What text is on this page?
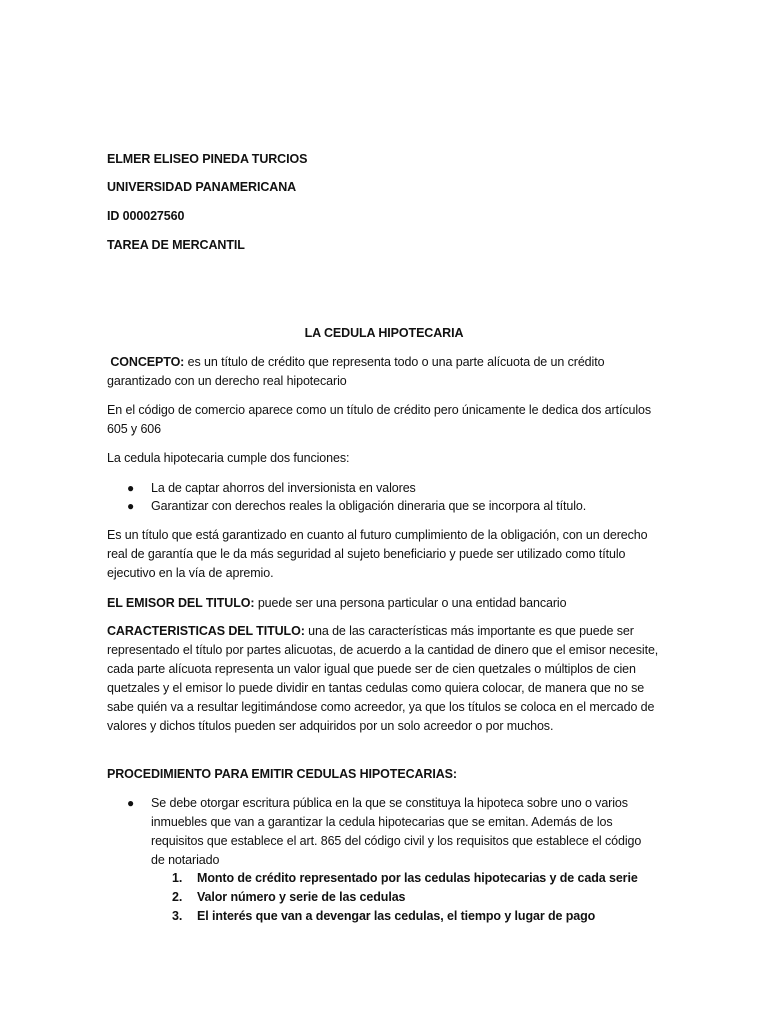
ELMER ELISEO PINEDA TURCIOS
UNIVERSIDAD PANAMERICANA
ID 000027560
TAREA DE MERCANTIL
LA CEDULA HIPOTECARIA
CONCEPTO: es un título de crédito que representa todo o una parte alícuota de un crédito garantizado con un derecho real hipotecario
En el código de comercio aparece como un título de crédito pero únicamente le dedica dos artículos 605 y 606
La cedula hipotecaria cumple dos funciones:
● La de captar ahorros del inversionista en valores
● Garantizar con derechos reales la obligación dineraria que se incorpora al título.
Es un título que está garantizado en cuanto al futuro cumplimiento de la obligación, con un derecho real de garantía que le da más seguridad al sujeto beneficiario y puede ser utilizado como título ejecutivo en la vía de apremio.
EL EMISOR DEL TITULO: puede ser una persona particular o una entidad bancario
CARACTERISTICAS DEL TITULO: una de las características más importante es que puede ser representado el título por partes alicuotas, de acuerdo a la cantidad de dinero que el emisor necesite, cada parte alícuota representa un valor igual que puede ser de cien quetzales o múltiplos de cien quetzales y el emisor lo puede dividir en tantas cedulas como quiera colocar, de manera que no se sabe quién va a resultar legitimándose como acreedor, ya que los títulos se coloca en el mercado de valores y dichos títulos pueden ser adquiridos por un solo acreedor o por muchos.
PROCEDIMIENTO PARA EMITIR CEDULAS HIPOTECARIAS:
● Se debe otorgar escritura pública en la que se constituya la hipoteca sobre uno o varios inmuebles que van a garantizar la cedula hipotecarias que se emitan. Además de los requisitos que establece el art. 865 del código civil y los requisitos que establece el código de notariado
1. Monto de crédito representado por las cedulas hipotecarias y de cada serie
2. Valor número y serie de las cedulas
3. El interés que van a devengar las cedulas, el tiempo y lugar de pago
